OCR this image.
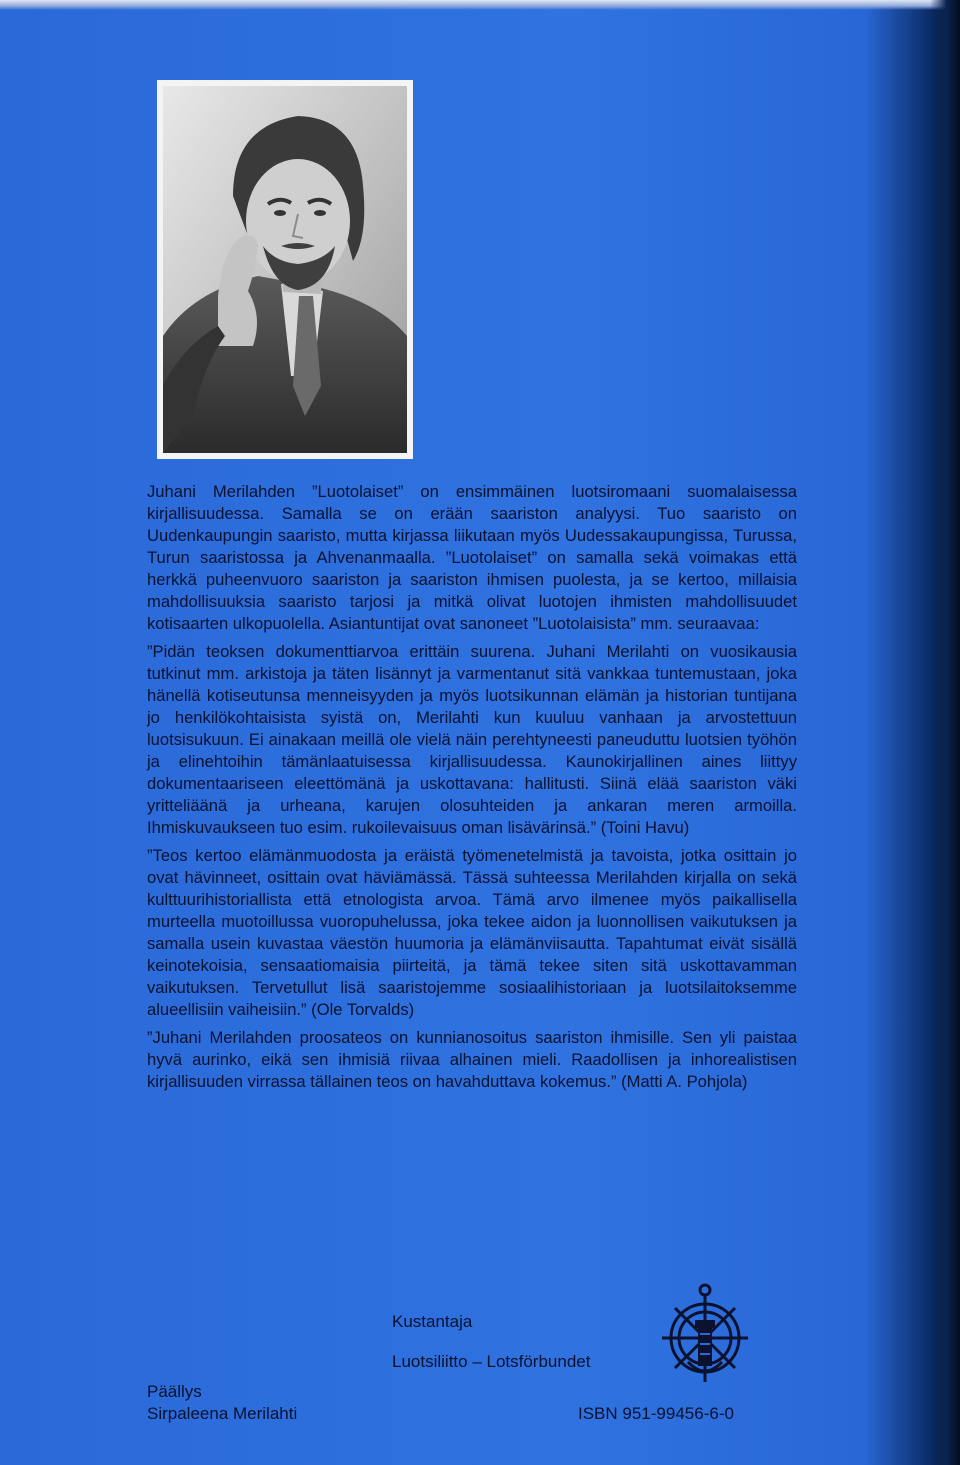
Juhani Merilahden ”Luotolaiset” on ensimmäinen luotsiromaani suomalaisessa kirjallisuudessa. Samalla se on erään saariston analyysi. Tuo saaristo on Uudenkaupungin saaristo, mutta kirjassa liikutaan myös Uudessakaupungissa, Turussa, Turun saaristossa ja Ahvenanmaalla. ”Luotolaiset” on samalla sekä voimakas että herkkä puheenvuoro saariston ja saariston ihmisen puolesta, ja se kertoo, millaisia mahdollisuuksia saaristo tarjosi ja mitkä olivat luotojen ihmisten mahdollisuudet kotisaarten ulkopuolella. Asiantuntijat ovat sanoneet ”Luotolaisista” mm. seuraavaa:

”Pidän teoksen dokumenttiarvoa erittäin suurena. Juhani Merilahti on vuosikausia tutkinut mm. arkistoja ja täten lisännyt ja varmentanut sitä vankkaa tuntemustaan, joka hänellä kotiseutunsa menneisyyden ja myös luotsikunnan elämän ja historian tuntijana jo henkilökohtaisista syistä on, Merilahti kun kuuluu vanhaan ja arvostettuun luotsisukuun. Ei ainakaan meillä ole vielä näin perehtyneesti paneuduttu luotsien työhön ja elinehtoihin tämänlaatuisessa kirjallisuudessa. Kaunokirjallinen aines liittyy dokumentaariseen eleettömänä ja uskottavana: hallitusti. Siinä elää saariston väki yritteliäänä ja urheana, karujen olosuhteiden ja ankaran meren armoilla. Ihmiskuvaukseen tuo esim. rukoilevaisuus oman lisävärinsä.” (Toini Havu)

”Teos kertoo elämänmuodosta ja eräistä työmenetelmistä ja tavoista, jotka osittain jo ovat hävinneet, osittain ovat häviämässä. Tässä suhteessa Merilahden kirjalla on sekä kulttuurihistoriallista että etnologista arvoa. Tämä arvo ilmenee myös paikallisella murteella muotoillussa vuoropuhelussa, joka tekee aidon ja luonnollisen vaikutuksen ja samalla usein kuvastaa väestön huumoria ja elämänviisautta. Tapahtumat eivät sisällä keinotekoisia, sensaatiomaisia piirteitä, ja tämä tekee siten sitä uskottavamman vaikutuksen. Tervetullut lisä saaristojemme sosiaalihistoriaan ja luotsilaitoksemme alueellisiin vaiheisiin.” (Ole Torvalds)

”Juhani Merilahden proosateos on kunnianosoitus saariston ihmisille. Sen yli paistaa hyvä aurinko, eikä sen ihmisiä riivaa alhainen mieli. Raadollisen ja inhorealistisen kirjallisuuden virrassa tällainen teos on havahduttava kokemus.” (Matti A. Pohjola)

Kustantaja
Luotsiliitto – Lotsförbundet
Päällys
Sirpaleena Merilahti	ISBN 951-99456-6-0
